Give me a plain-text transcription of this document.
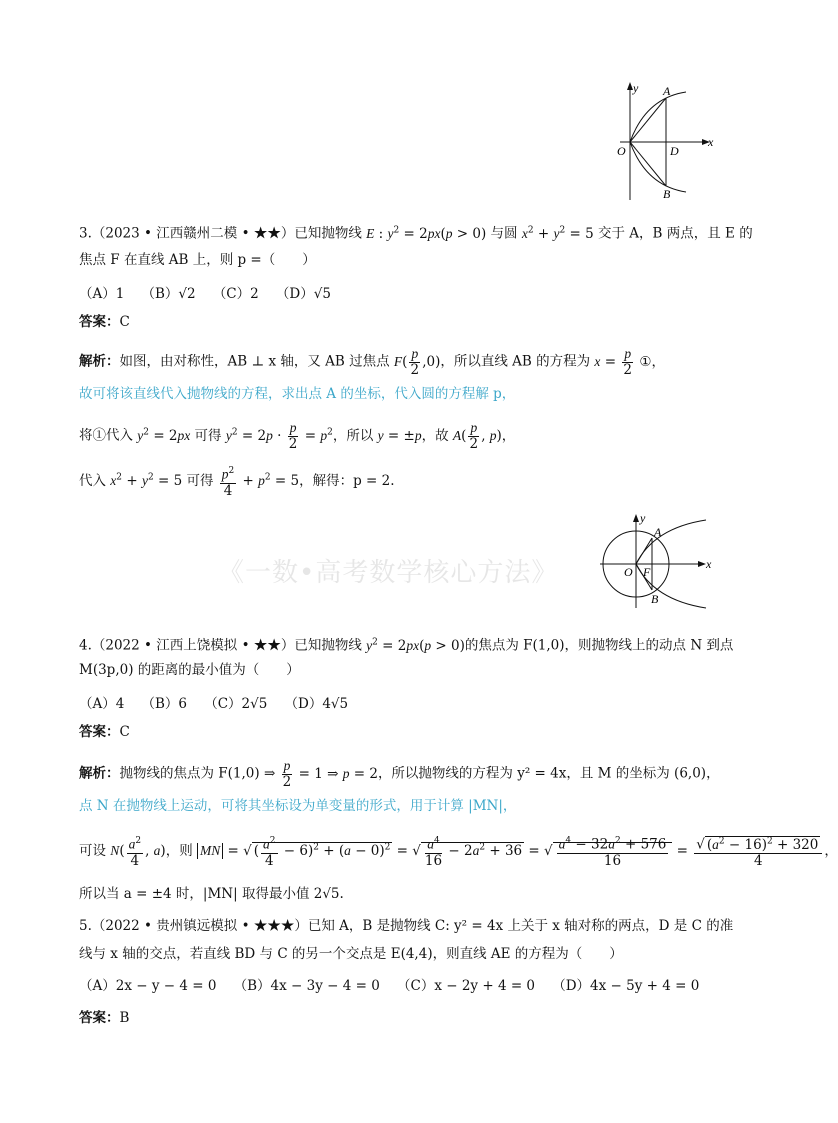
《一数•高考数学核心方法》
y
x
O
A
B
D
3.（2023 • 江西赣州二模 • ★★）已知抛物线 E : $y^2 = 2px(p > 0)$ 与圆 $x^2 + y^2 = 5$ 交于 A，B 两点，且 E 的
焦点 F 在直线 AB 上，则 p =（　　）
（A）1 （B）√2 （C）2 （D）√5
答案：C
解析：如图，由对称性，AB ⊥ x 轴，又 AB 过焦点 $F( \frac{p}{2} ,0)$，所以直线 AB 的方程为 $x = \frac{p}{2}$ ①，
故可将该直线代入抛物线的方程，求出点 A 的坐标，代入圆的方程解 p，
将①代入 $y^2 = 2px$ 可得 $y^2 = 2p \cdot \frac{p}{2} = p^2$，所以 y = ±p，故 $A( \frac{p}{2}$ , p)，
代入 $x^2 + y^2 = 5$ 可得 $\frac{p^2}{4} + p^2 = 5$，解得：p = 2.
y
x
O F
A
B
4.（2022 • 江西上饶模拟 • ★★）已知抛物线 $y^2 = 2px(p > 0)$的焦点为 F(1,0)，则抛物线上的动点 N 到点
M(3p,0) 的距离的最小值为（　　）
（A）4 （B）6 （C）2√5 （D）4√5
答案：C
解析：抛物线的焦点为 F(1,0) ⇒ $\frac{p}{2} = 1$ ⇒ p = 2，所以抛物线的方程为 y² = 4x，且 M 的坐标为 (6,0)，
点 N 在抛物线上运动，可将其坐标设为单变量的形式，用于计算 |MN|，
可设 $N( \frac{a^2}{4}$ , a)，则 MN = √ ( $\frac{a^2}{4} - 6)^2 + (a - 0)^2$ = √ $\frac{a^4}{16} - 2a^2 + 36$ = √ $\frac{a^4 - 32a^2 + 576}{16} = \frac{√ (a^2 - 16)^2 + 320}{4}$ ，
所以当 a = ±4 时，|MN| 取得最小值 2√5.
5.（2022 • 贵州镇远模拟 • ★★★）已知 A，B 是抛物线 C: y² = 4x 上关于 x 轴对称的两点，D 是 C 的准
线与 x 轴的交点，若直线 BD 与 C 的另一个交点是 E(4,4)，则直线 AE 的方程为（　　）
（A）2x − y − 4 = 0 （B）4x − 3y − 4 = 0 （C）x − 2y + 4 = 0 （D）4x − 5y + 4 = 0
答案：B
